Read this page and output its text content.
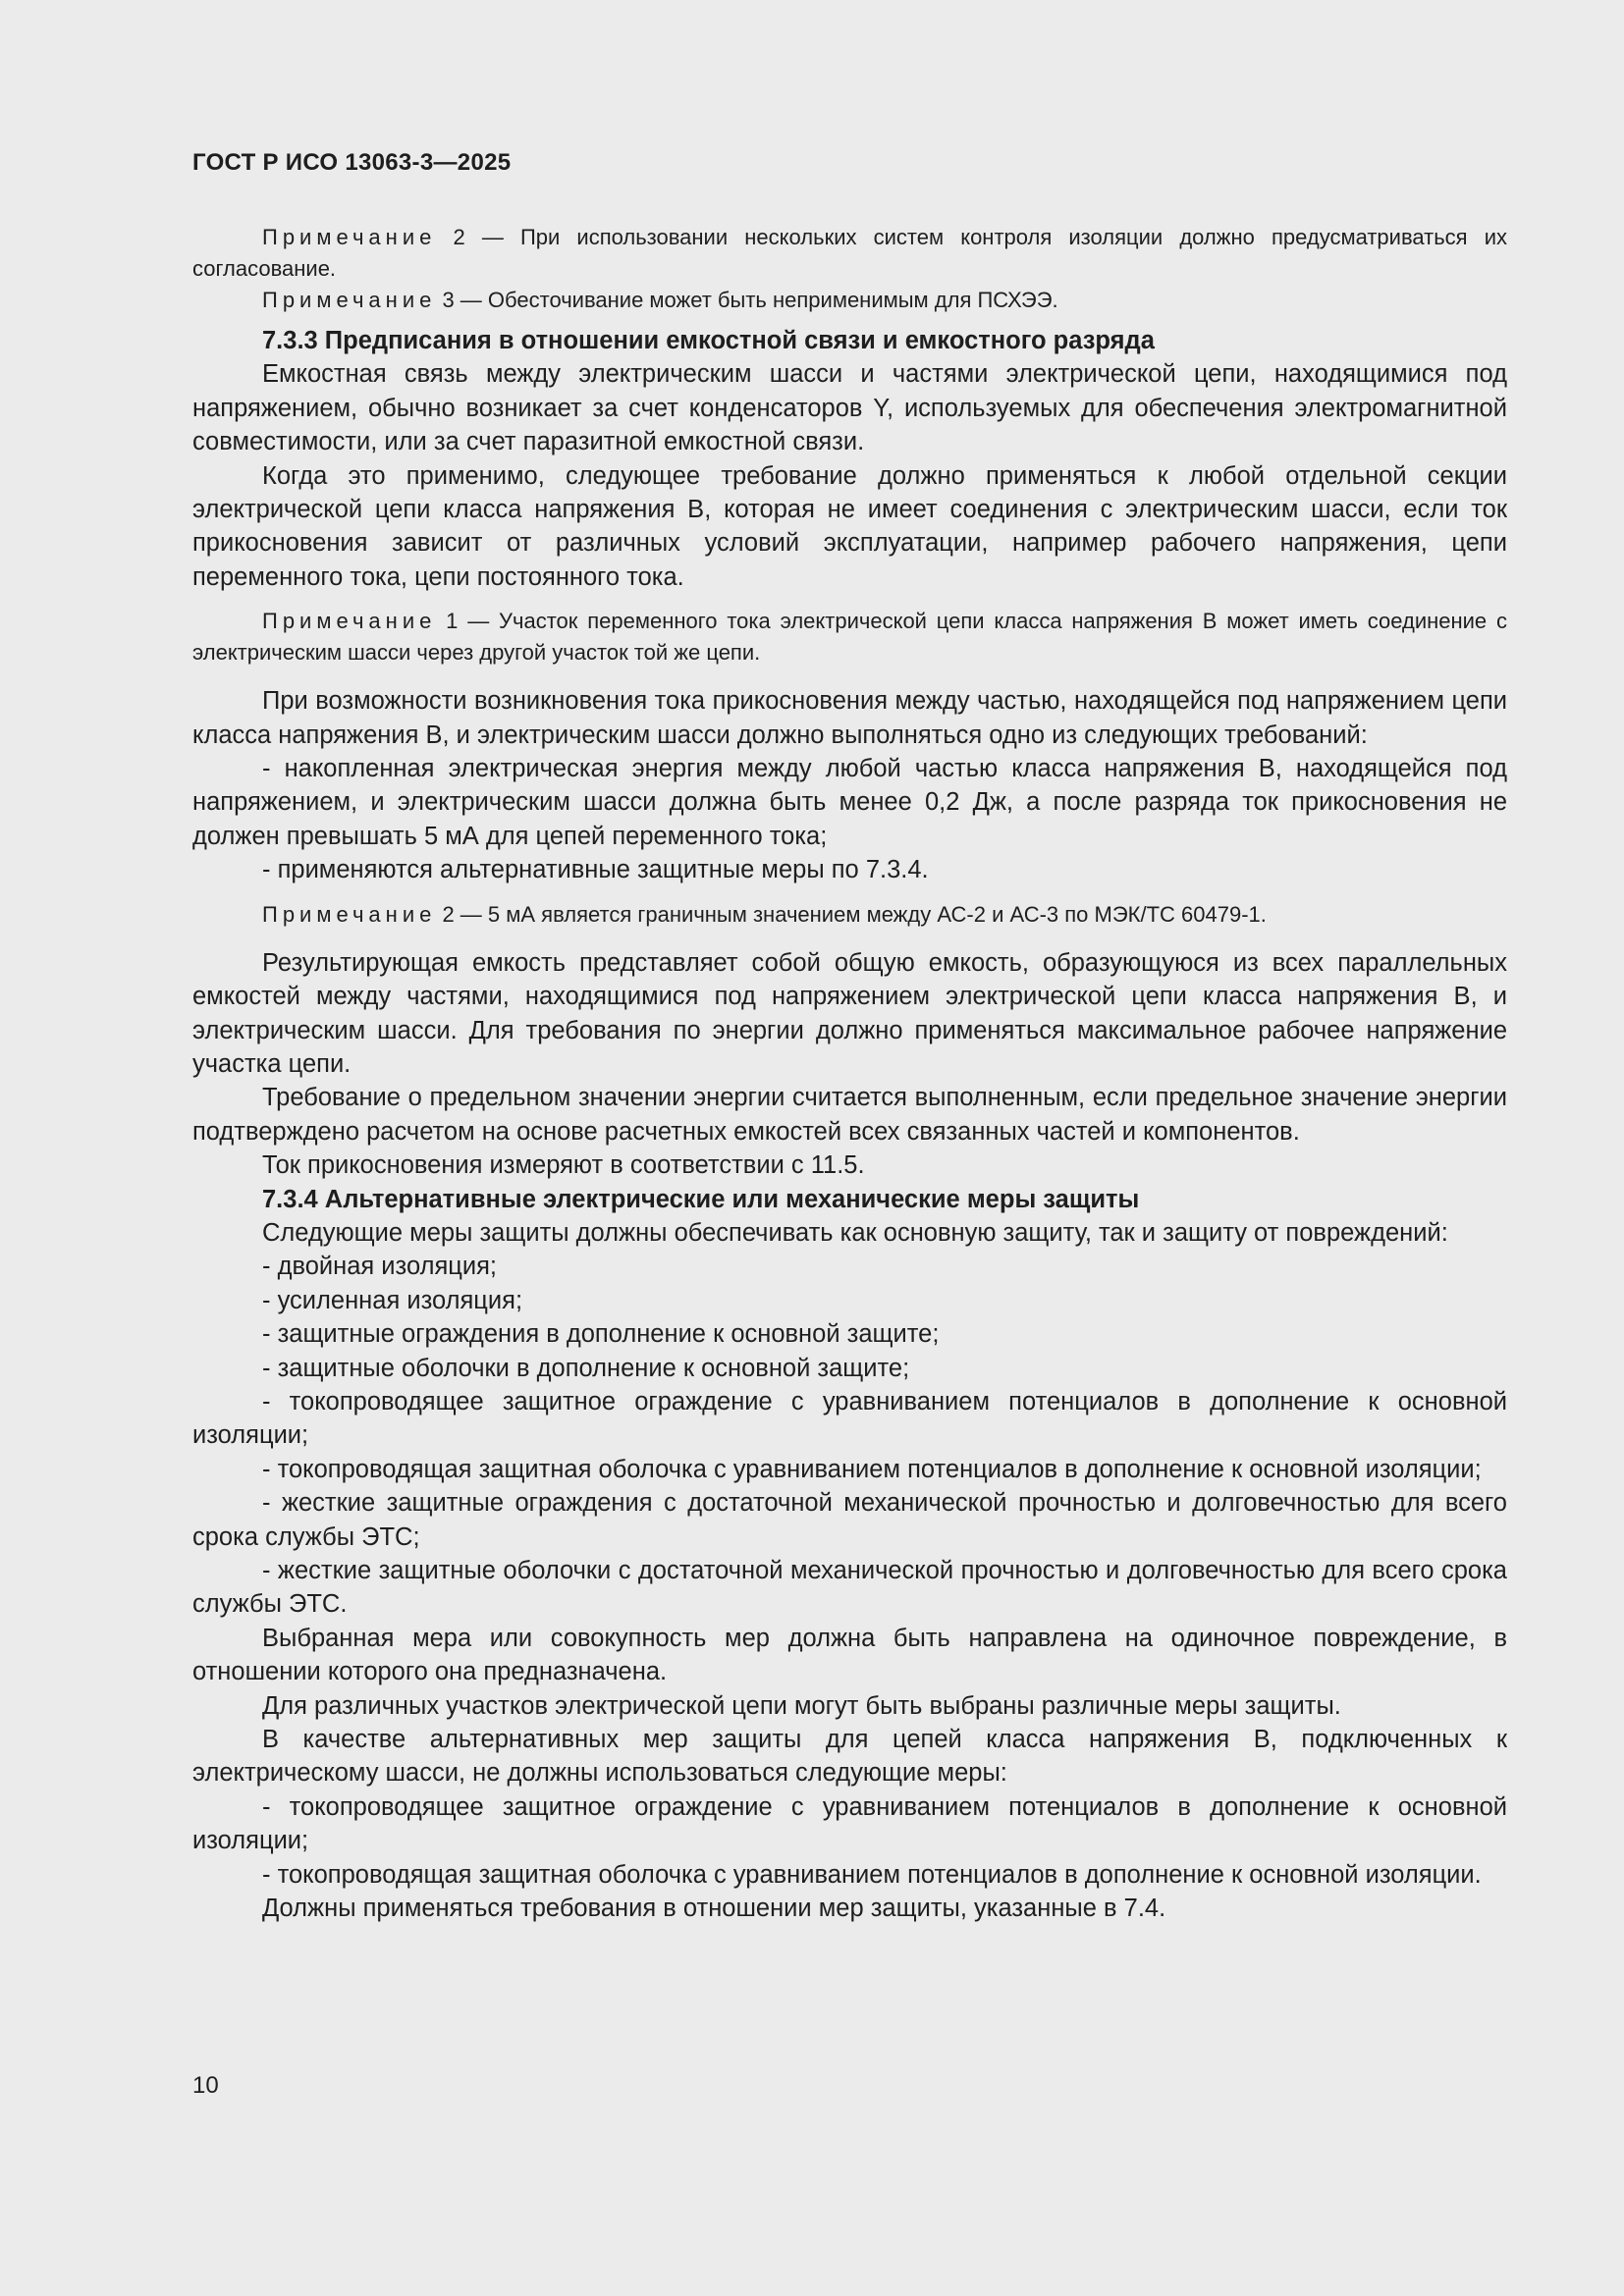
ГОСТ Р ИСО 13063-3—2025

Примечание 2 — При использовании нескольких систем контроля изоляции должно предусматриваться их согласование.

Примечание 3 — Обесточивание может быть неприменимым для ПСХЭЭ.

7.3.3 Предписания в отношении емкостной связи и емкостного разряда

Емкостная связь между электрическим шасси и частями электрической цепи, находящимися под напряжением, обычно возникает за счет конденсаторов Y, используемых для обеспечения электромагнитной совместимости, или за счет паразитной емкостной связи.

Когда это применимо, следующее требование должно применяться к любой отдельной секции электрической цепи класса напряжения В, которая не имеет соединения с электрическим шасси, если ток прикосновения зависит от различных условий эксплуатации, например рабочего напряжения, цепи переменного тока, цепи постоянного тока.

Примечание 1 — Участок переменного тока электрической цепи класса напряжения В может иметь соединение с электрическим шасси через другой участок той же цепи.

При возможности возникновения тока прикосновения между частью, находящейся под напряжением цепи класса напряжения В, и электрическим шасси должно выполняться одно из следующих требований:

- накопленная электрическая энергия между любой частью класса напряжения В, находящейся под напряжением, и электрическим шасси должна быть менее 0,2 Дж, а после разряда ток прикосновения не должен превышать 5 мА для цепей переменного тока;

- применяются альтернативные защитные меры по 7.3.4.

Примечание 2 — 5 мА является граничным значением между АС-2 и АС-3 по МЭК/ТС 60479-1.

Результирующая емкость представляет собой общую емкость, образующуюся из всех параллельных емкостей между частями, находящимися под напряжением электрической цепи класса напряжения В, и электрическим шасси. Для требования по энергии должно применяться максимальное рабочее напряжение участка цепи.

Требование о предельном значении энергии считается выполненным, если предельное значение энергии подтверждено расчетом на основе расчетных емкостей всех связанных частей и компонентов.

Ток прикосновения измеряют в соответствии с 11.5.

7.3.4 Альтернативные электрические или механические меры защиты

Следующие меры защиты должны обеспечивать как основную защиту, так и защиту от повреждений:

- двойная изоляция;

- усиленная изоляция;

- защитные ограждения в дополнение к основной защите;

- защитные оболочки в дополнение к основной защите;

- токопроводящее защитное ограждение с уравниванием потенциалов в дополнение к основной изоляции;

- токопроводящая защитная оболочка с уравниванием потенциалов в дополнение к основной изоляции;

- жесткие защитные ограждения с достаточной механической прочностью и долговечностью для всего срока службы ЭТС;

- жесткие защитные оболочки с достаточной механической прочностью и долговечностью для всего срока службы ЭТС.

Выбранная мера или совокупность мер должна быть направлена на одиночное повреждение, в отношении которого она предназначена.

Для различных участков электрической цепи могут быть выбраны различные меры защиты.

В качестве альтернативных мер защиты для цепей класса напряжения В, подключенных к электрическому шасси, не должны использоваться следующие меры:

- токопроводящее защитное ограждение с уравниванием потенциалов в дополнение к основной изоляции;

- токопроводящая защитная оболочка с уравниванием потенциалов в дополнение к основной изоляции.

Должны применяться требования в отношении мер защиты, указанные в 7.4.

10
